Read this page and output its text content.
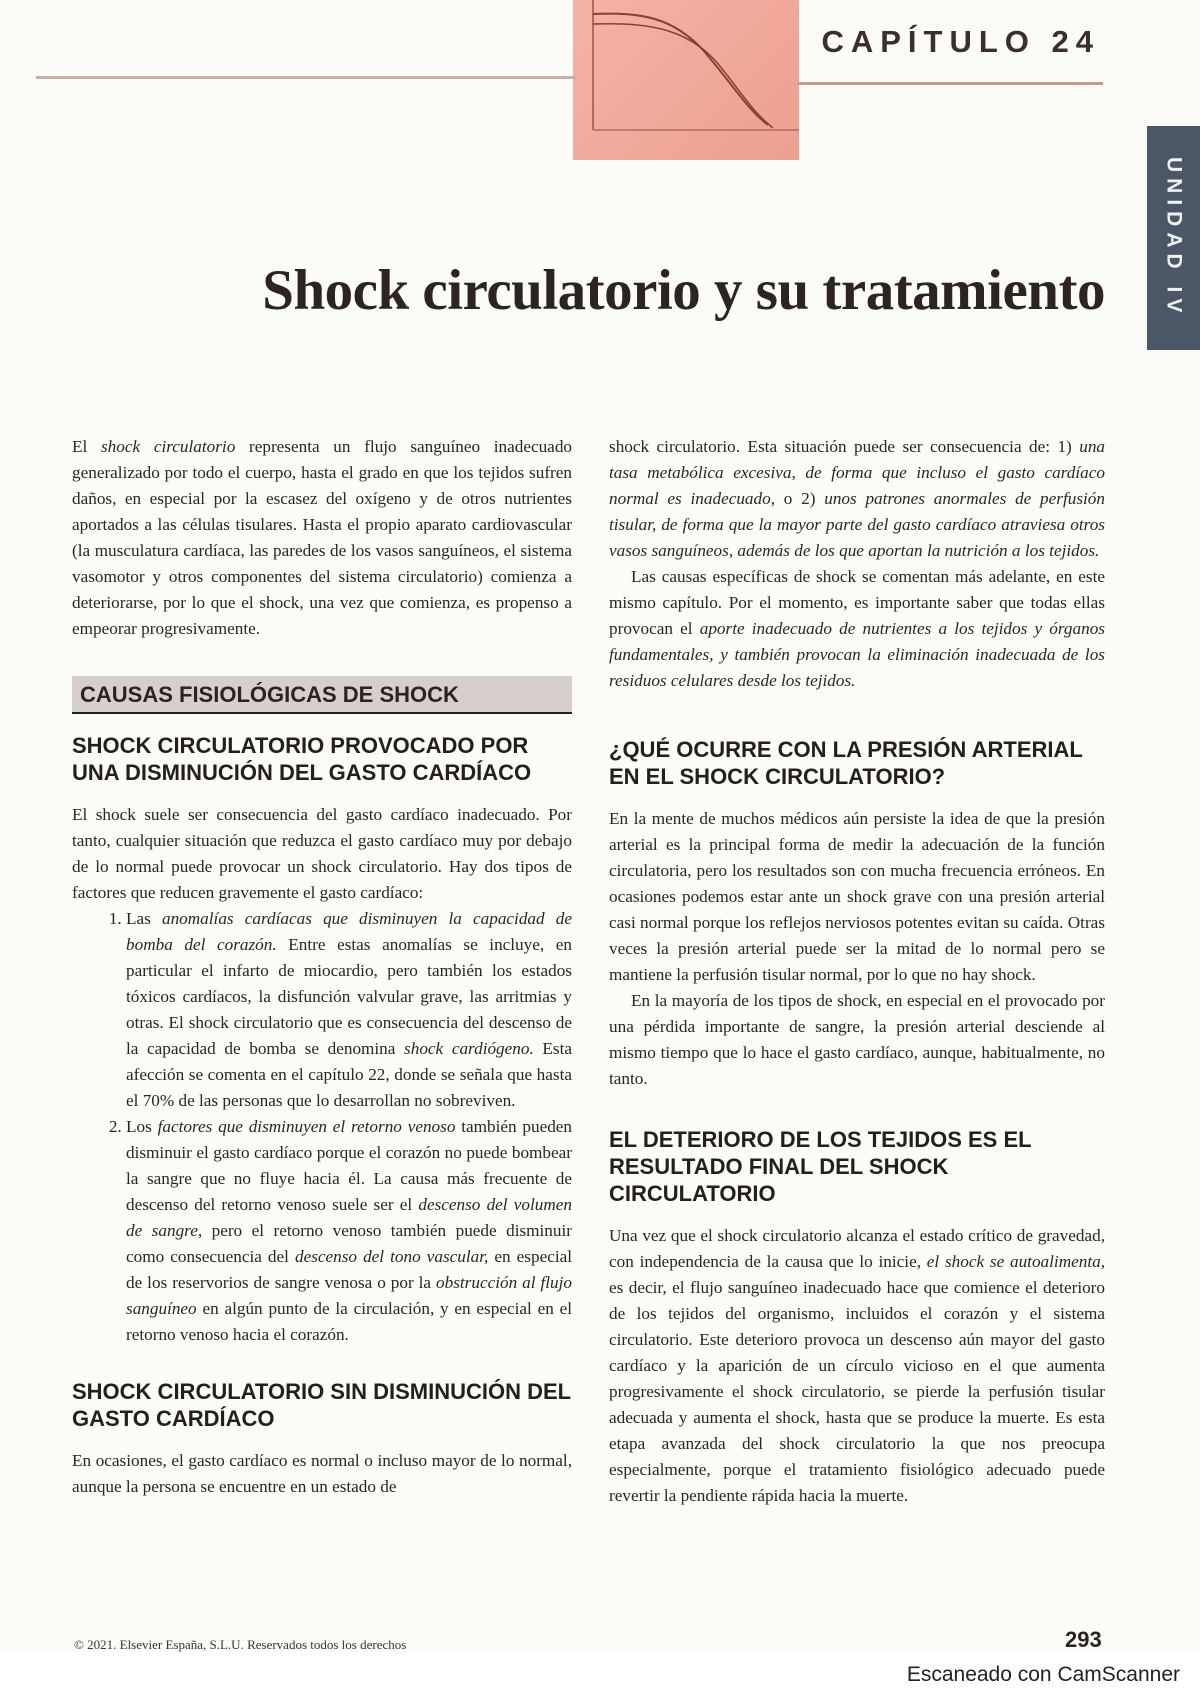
CAPÍTULO 24
UNIDAD IV
Shock circulatorio y su tratamiento

El shock circulatorio representa un flujo sanguíneo inadecuado generalizado por todo el cuerpo, hasta el grado en que los tejidos sufren daños, en especial por la escasez del oxígeno y de otros nutrientes aportados a las células tisulares. Hasta el propio aparato cardiovascular (la musculatura cardíaca, las paredes de los vasos sanguíneos, el sistema vasomotor y otros componentes del sistema circulatorio) comienza a deteriorarse, por lo que el shock, una vez que comienza, es propenso a empeorar progresivamente.

CAUSAS FISIOLÓGICAS DE SHOCK
SHOCK CIRCULATORIO PROVOCADO POR UNA DISMINUCIÓN DEL GASTO CARDÍACO

El shock suele ser consecuencia del gasto cardíaco inadecuado. Por tanto, cualquier situación que reduzca el gasto cardíaco muy por debajo de lo normal puede provocar un shock circulatorio. Hay dos tipos de factores que reducen gravemente el gasto cardíaco:

1. Las anomalías cardíacas que disminuyen la capacidad de bomba del corazón. Entre estas anomalías se incluye, en particular el infarto de miocardio, pero también los estados tóxicos cardíacos, la disfunción valvular grave, las arritmias y otras. El shock circulatorio que es consecuencia del descenso de la capacidad de bomba se denomina shock cardiógeno. Esta afección se comenta en el capítulo 22, donde se señala que hasta el 70% de las personas que lo desarrollan no sobreviven.
2. Los factores que disminuyen el retorno venoso también pueden disminuir el gasto cardíaco porque el corazón no puede bombear la sangre que no fluye hacia él. La causa más frecuente de descenso del retorno venoso suele ser el descenso del volumen de sangre, pero el retorno venoso también puede disminuir como consecuencia del descenso del tono vascular, en especial de los reservorios de sangre venosa o por la obstrucción al flujo sanguíneo en algún punto de la circulación, y en especial en el retorno venoso hacia el corazón.
SHOCK CIRCULATORIO SIN DISMINUCIÓN DEL GASTO CARDÍACO

En ocasiones, el gasto cardíaco es normal o incluso mayor de lo normal, aunque la persona se encuentre en un estado de

shock circulatorio. Esta situación puede ser consecuencia de: 1) una tasa metabólica excesiva, de forma que incluso el gasto cardíaco normal es inadecuado, o 2) unos patrones anormales de perfusión tisular, de forma que la mayor parte del gasto cardíaco atraviesa otros vasos sanguíneos, además de los que aportan la nutrición a los tejidos.

Las causas específicas de shock se comentan más adelante, en este mismo capítulo. Por el momento, es importante saber que todas ellas provocan el aporte inadecuado de nutrientes a los tejidos y órganos fundamentales, y también provocan la eliminación inadecuada de los residuos celulares desde los tejidos.

¿QUÉ OCURRE CON LA PRESIÓN ARTERIAL EN EL SHOCK CIRCULATORIO?

En la mente de muchos médicos aún persiste la idea de que la presión arterial es la principal forma de medir la adecuación de la función circulatoria, pero los resultados son con mucha frecuencia erróneos. En ocasiones podemos estar ante un shock grave con una presión arterial casi normal porque los reflejos nerviosos potentes evitan su caída. Otras veces la presión arterial puede ser la mitad de lo normal pero se mantiene la perfusión tisular normal, por lo que no hay shock.

En la mayoría de los tipos de shock, en especial en el provocado por una pérdida importante de sangre, la presión arterial desciende al mismo tiempo que lo hace el gasto cardíaco, aunque, habitualmente, no tanto.

EL DETERIORO DE LOS TEJIDOS ES EL RESULTADO FINAL DEL SHOCK CIRCULATORIO

Una vez que el shock circulatorio alcanza el estado crítico de gravedad, con independencia de la causa que lo inicie, el shock se autoalimenta, es decir, el flujo sanguíneo inadecuado hace que comience el deterioro de los tejidos del organismo, incluidos el corazón y el sistema circulatorio. Este deterioro provoca un descenso aún mayor del gasto cardíaco y la aparición de un círculo vicioso en el que aumenta progresivamente el shock circulatorio, se pierde la perfusión tisular adecuada y aumenta el shock, hasta que se produce la muerte. Es esta etapa avanzada del shock circulatorio la que nos preocupa especialmente, porque el tratamiento fisiológico adecuado puede revertir la pendiente rápida hacia la muerte.

© 2021. Elsevier España, S.L.U. Reservados todos los derechos	293
Escaneado con CamScanner
